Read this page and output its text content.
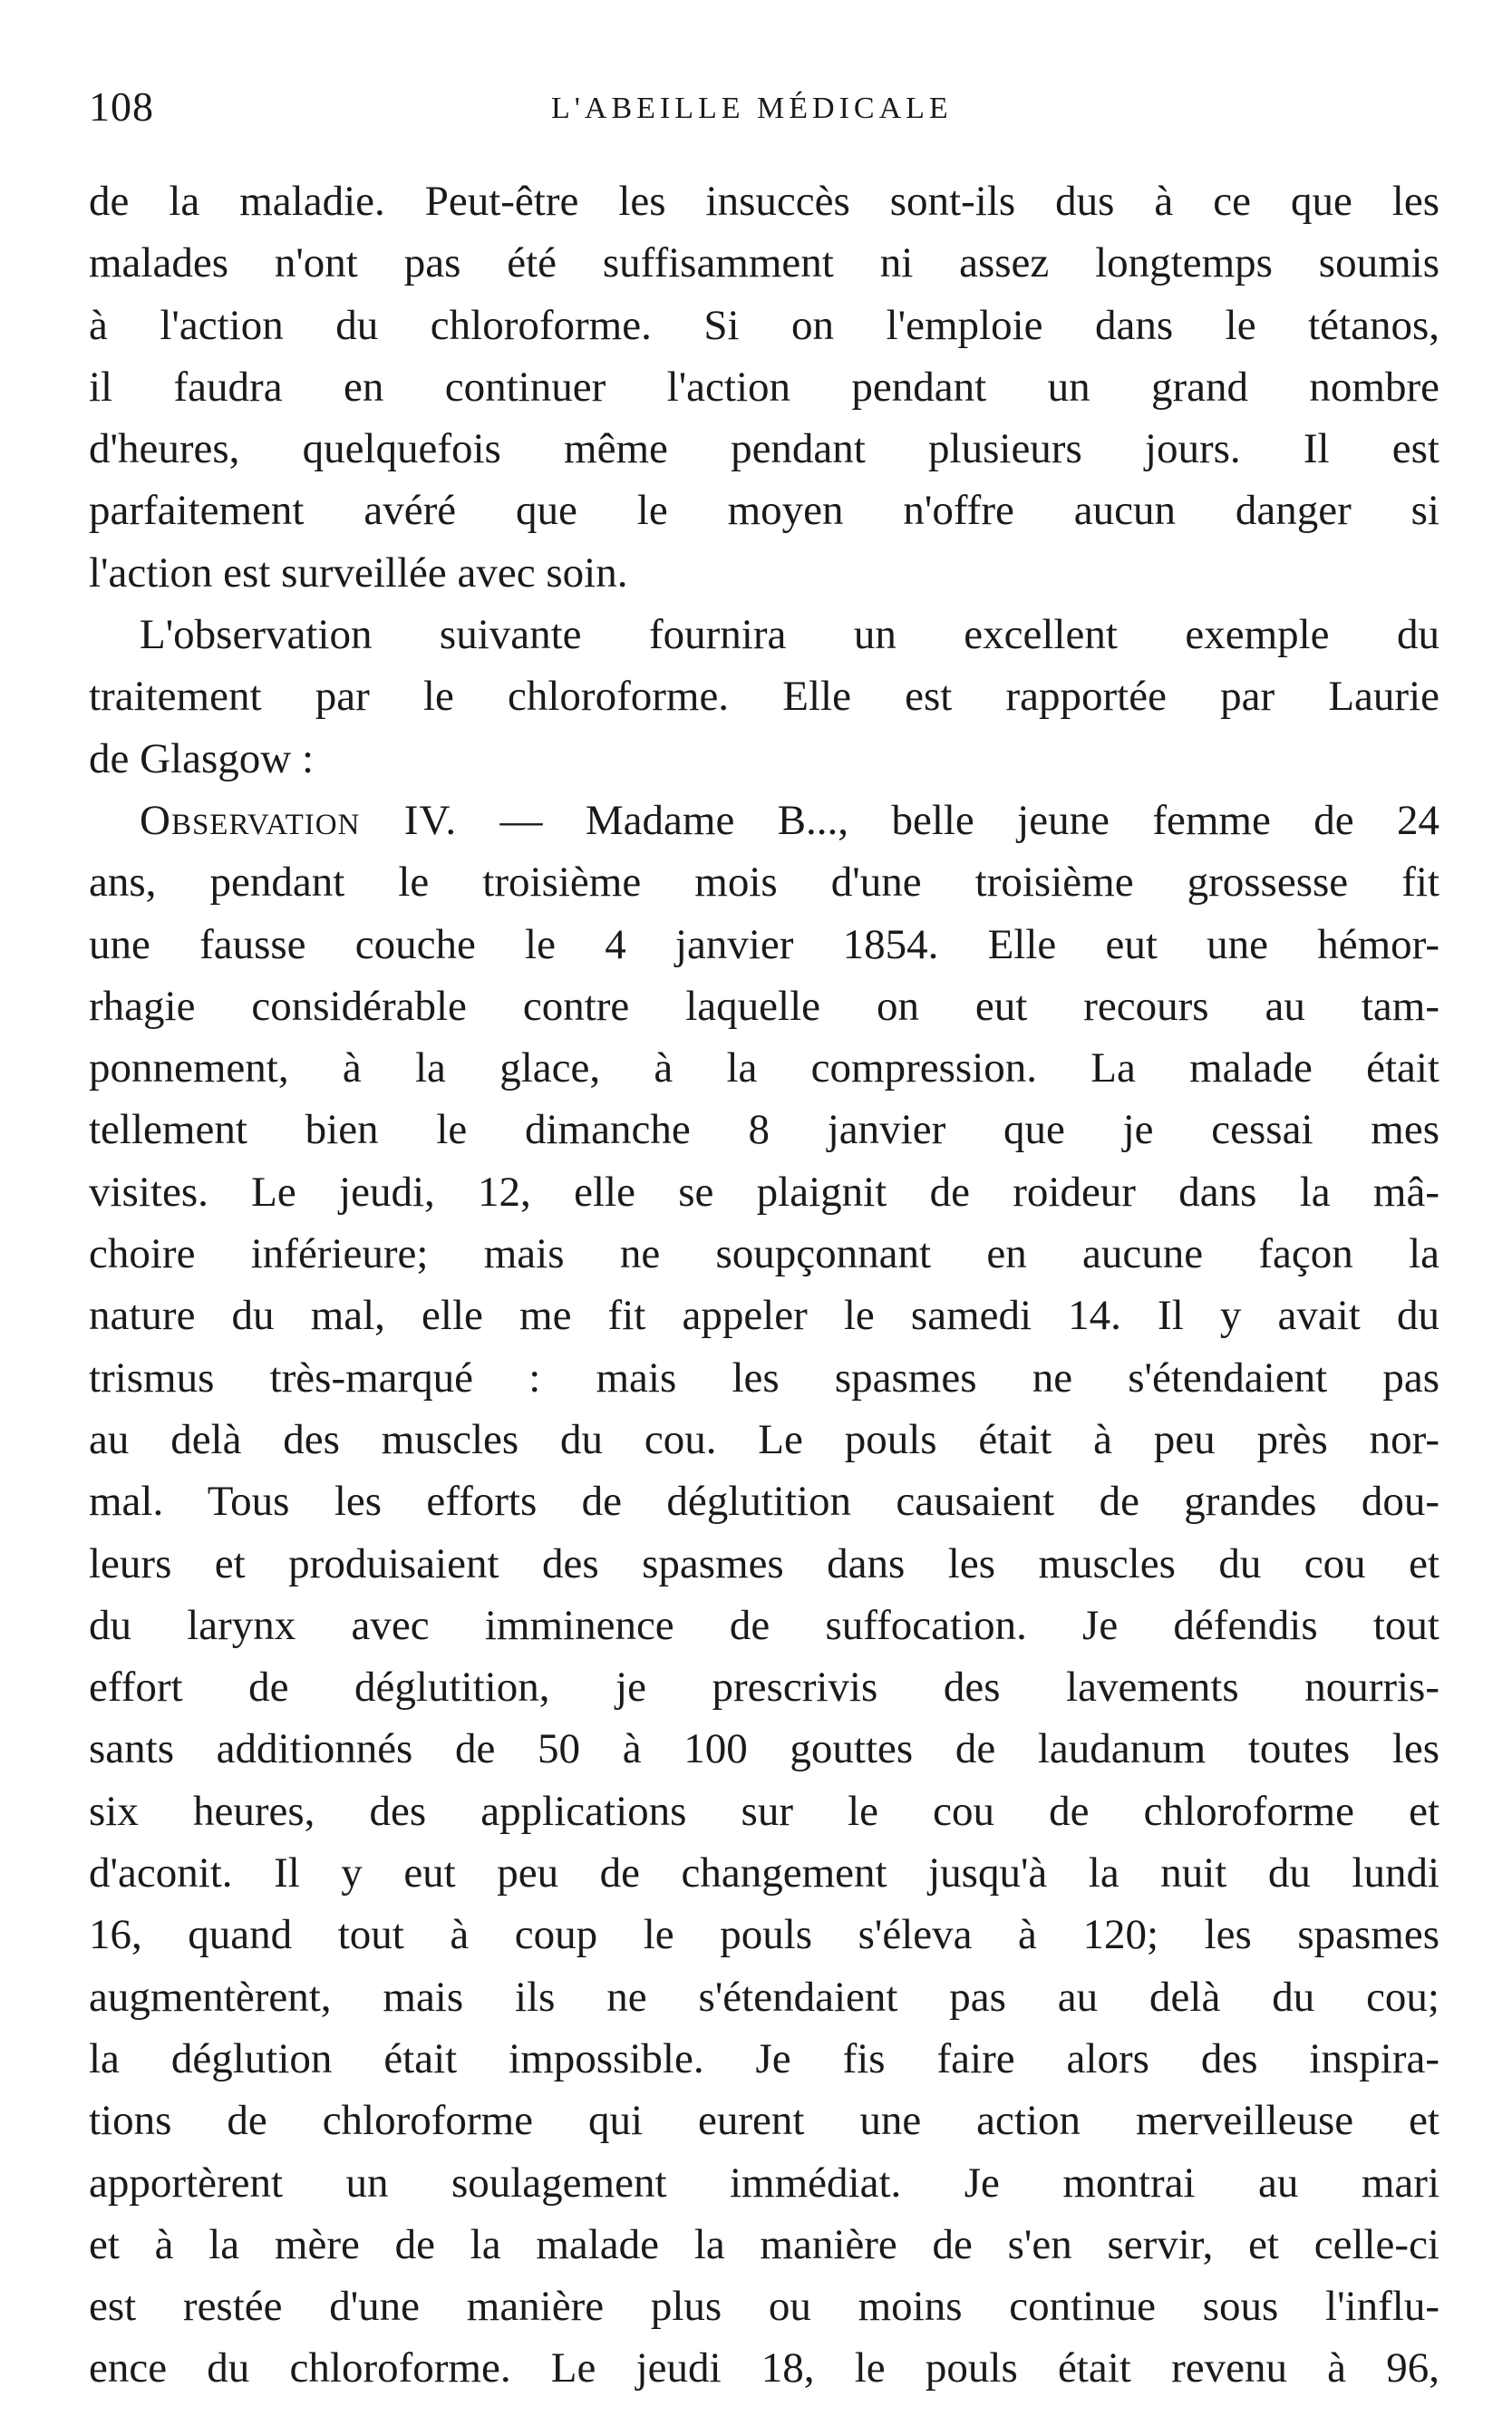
108	L'ABEILLE MÉDICALE
de la maladie. Peut-être les insuccès sont-ils dus à ce que les
malades n'ont pas été suffisamment ni assez longtemps soumis
à l'action du chloroforme. Si on l'emploie dans le tétanos,
il faudra en continuer l'action pendant un grand nombre
d'heures, quelquefois même pendant plusieurs jours. Il est
parfaitement avéré que le moyen n'offre aucun danger si
l'action est surveillée avec soin.
L'observation suivante fournira un excellent exemple du
traitement par le chloroforme. Elle est rapportée par Laurie
de Glasgow :
Observation IV. — Madame B..., belle jeune femme de 24
ans, pendant le troisième mois d'une troisième grossesse fit
une fausse couche le 4 janvier 1854. Elle eut une hémor-
rhagie considérable contre laquelle on eut recours au tam-
ponnement, à la glace, à la compression. La malade était
tellement bien le dimanche 8 janvier que je cessai mes
visites. Le jeudi, 12, elle se plaignit de roideur dans la mâ-
choire inférieure; mais ne soupçonnant en aucune façon la
nature du mal, elle me fit appeler le samedi 14. Il y avait du
trismus très-marqué : mais les spasmes ne s'étendaient pas
au delà des muscles du cou. Le pouls était à peu près nor-
mal. Tous les efforts de déglutition causaient de grandes dou-
leurs et produisaient des spasmes dans les muscles du cou et
du larynx avec imminence de suffocation. Je défendis tout
effort de déglutition, je prescrivis des lavements nourris-
sants additionnés de 50 à 100 gouttes de laudanum toutes les
six heures, des applications sur le cou de chloroforme et
d'aconit. Il y eut peu de changement jusqu'à la nuit du lundi
16, quand tout à coup le pouls s'éleva à 120; les spasmes
augmentèrent, mais ils ne s'étendaient pas au delà du cou;
la déglution était impossible. Je fis faire alors des inspira-
tions de chloroforme qui eurent une action merveilleuse et
apportèrent un soulagement immédiat. Je montrai au mari
et à la mère de la malade la manière de s'en servir, et celle-ci
est restée d'une manière plus ou moins continue sous l'influ-
ence du chloroforme. Le jeudi 18, le pouls était revenu à 96,
